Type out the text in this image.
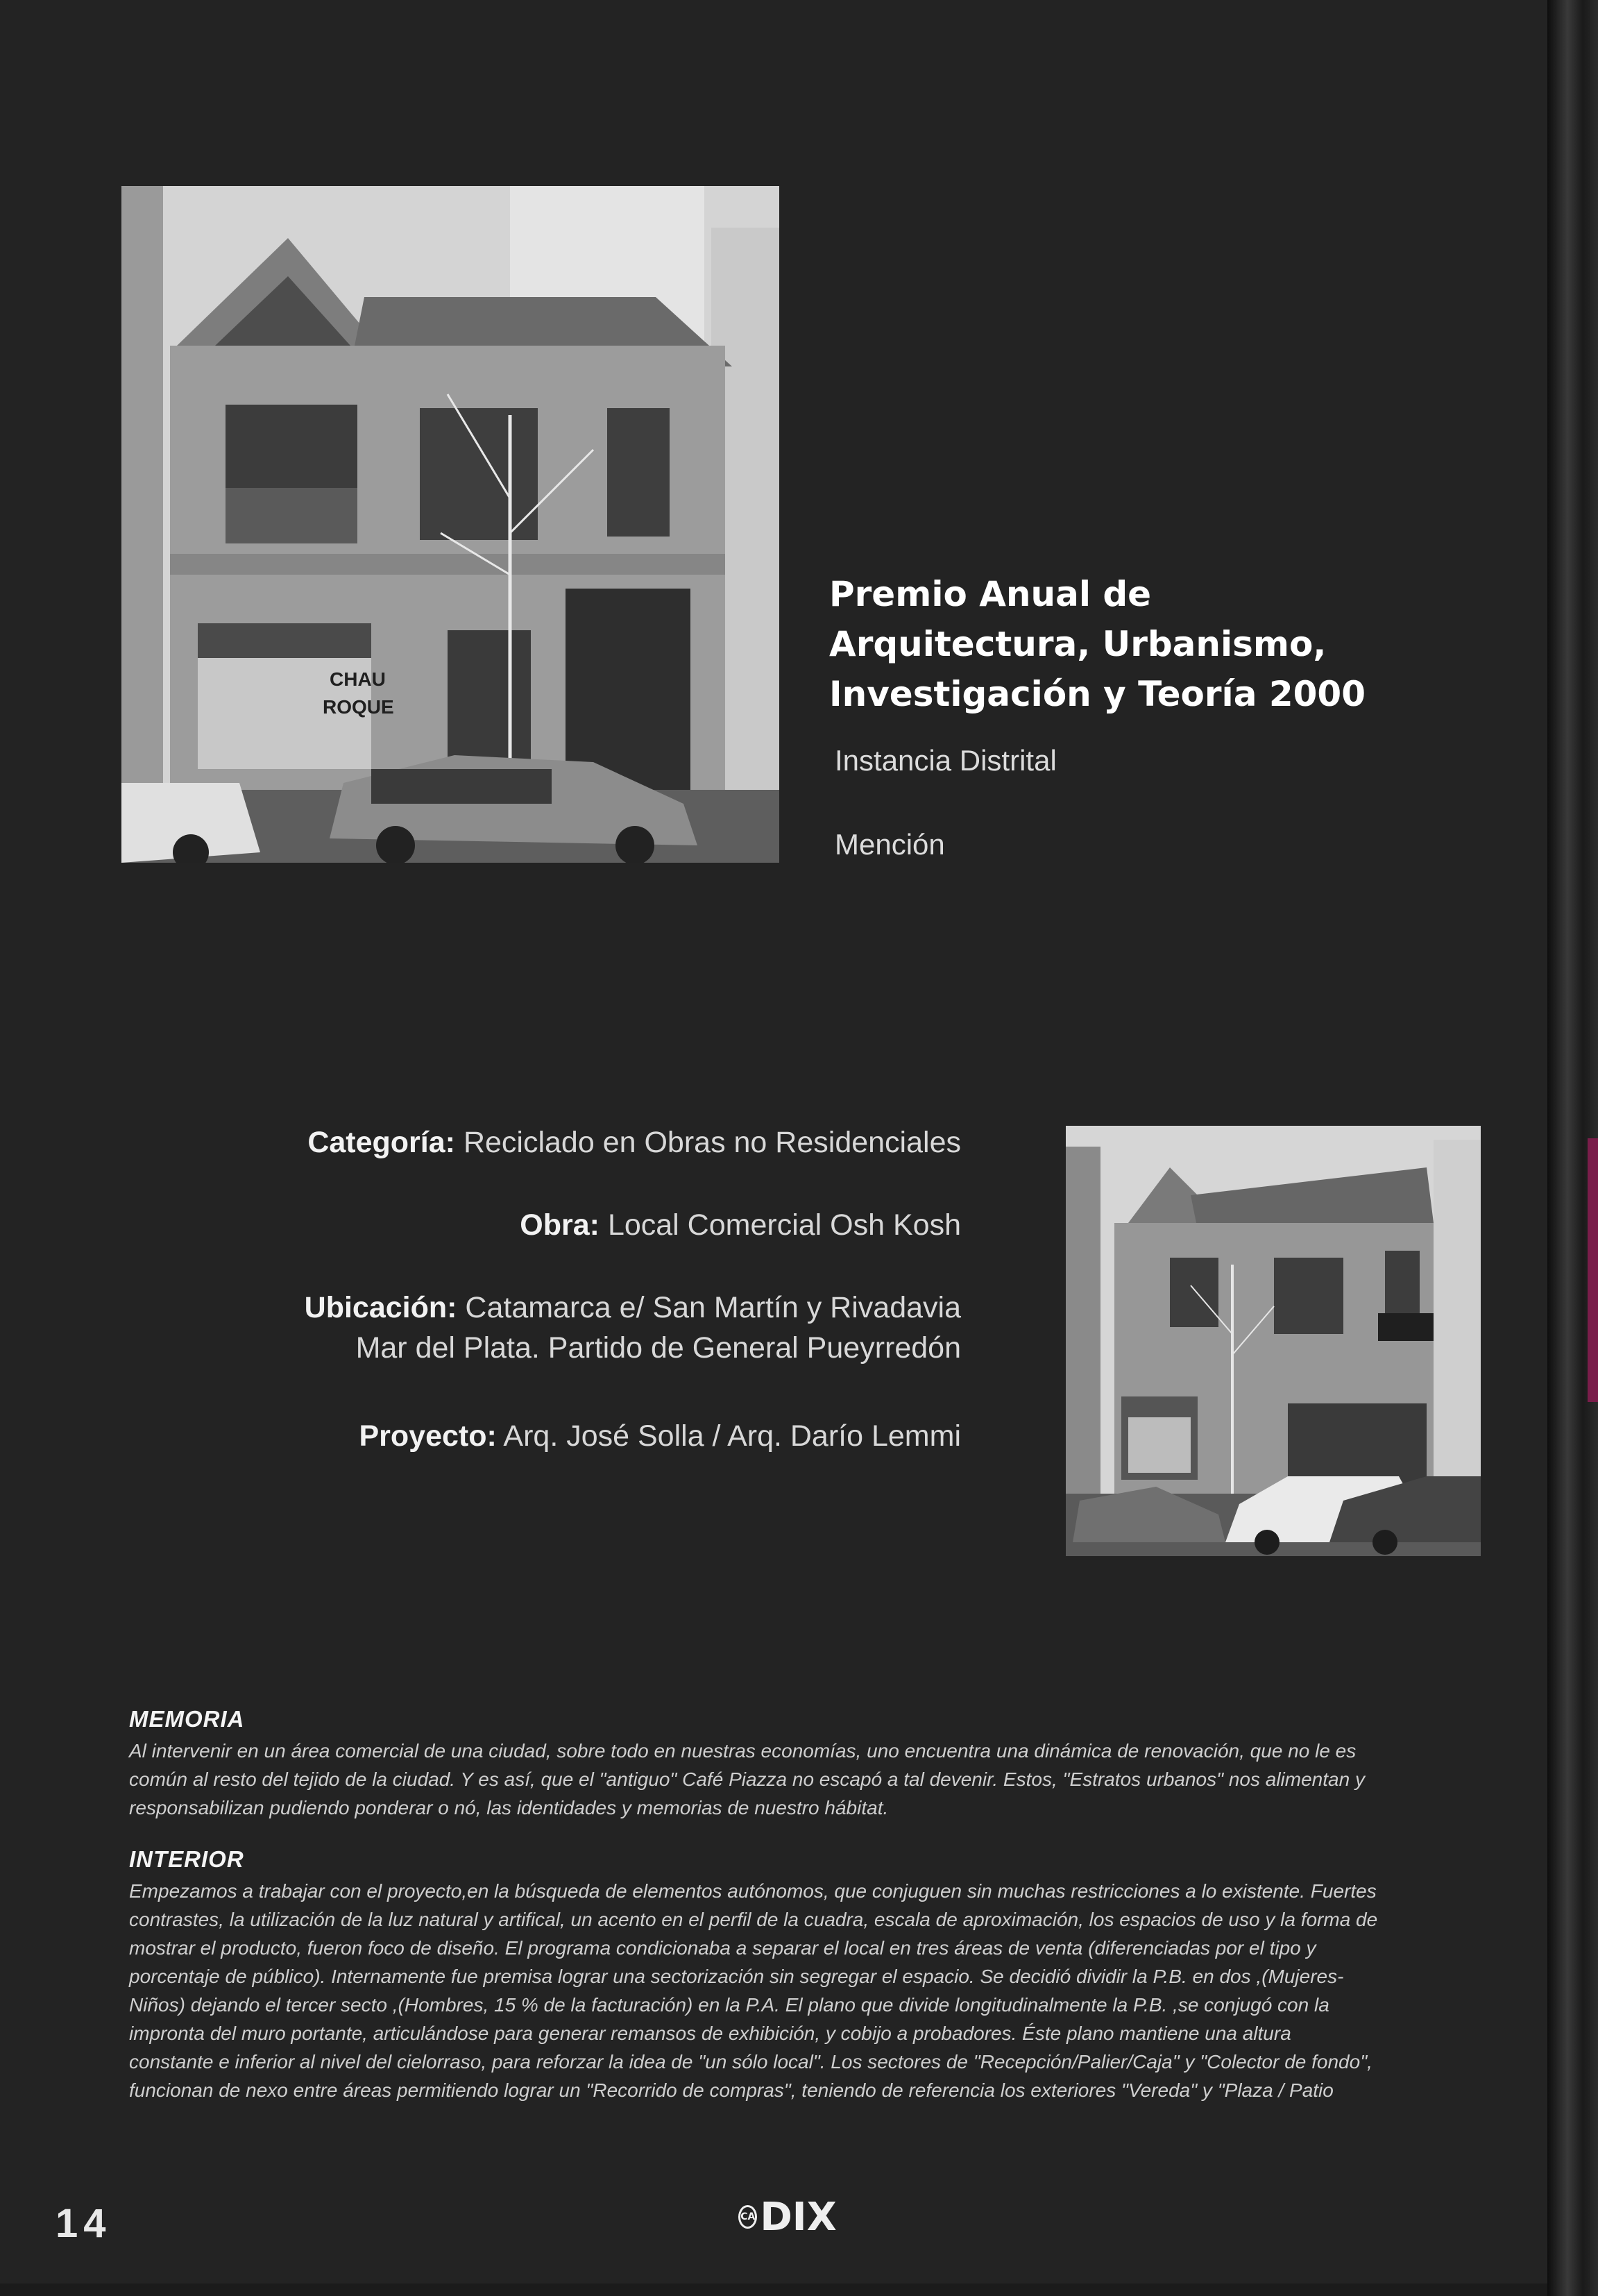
CHAU
ROQUE
Premio Anual de
Arquitectura, Urbanismo,
Investigación y Teoría 2000

Instancia Distrital

Mención

Categoría: Reciclado en Obras no Residenciales
Obra: Local Comercial Osh Kosh
Ubicación: Catamarca e/ San Martín y Rivadavia
Mar del Plata. Partido de General Pueyrredón
Proyecto: Arq. José Solla / Arq. Darío Lemmi
MEMORIA
Al intervenir en un área comercial de una ciudad, sobre todo en nuestras economías, uno encuentra una dinámica de renovación, que no le es
común al resto del tejido de la ciudad. Y es así, que el "antiguo" Café Piazza no escapó a tal devenir. Estos, "Estratos urbanos" nos alimentan y
responsabilizan pudiendo ponderar o nó, las identidades y memorias de nuestro hábitat.
INTERIOR
Empezamos a trabajar con el proyecto,en la búsqueda de elementos autónomos, que conjuguen sin muchas restricciones a lo existente. Fuertes
contrastes, la utilización de la luz natural y artifical, un acento en el perfil de la cuadra, escala de aproximación, los espacios de uso y la forma de
mostrar el producto, fueron foco de diseño. El programa condicionaba a separar el local en tres áreas de venta (diferenciadas por el tipo y
porcentaje de público). Internamente fue premisa lograr una sectorización sin segregar el espacio. Se decidió dividir la P.B. en dos ,(Mujeres-
Niños) dejando el tercer secto ,(Hombres, 15 % de la facturación) en la P.A. El plano que divide longitudinalmente la P.B. ,se conjugó con la
impronta del muro portante, articulándose para generar remansos de exhibición, y cobijo a probadores. Éste plano mantiene una altura
constante e inferior al nivel del cielorraso, para reforzar la idea de "un sólo local". Los sectores de "Recepción/Palier/Caja" y "Colector de fondo",
funcionan de nexo entre áreas permitiendo lograr un "Recorrido de compras", teniendo de referencia los exteriores "Vereda" y "Plaza / Patio
14	CA DIX
